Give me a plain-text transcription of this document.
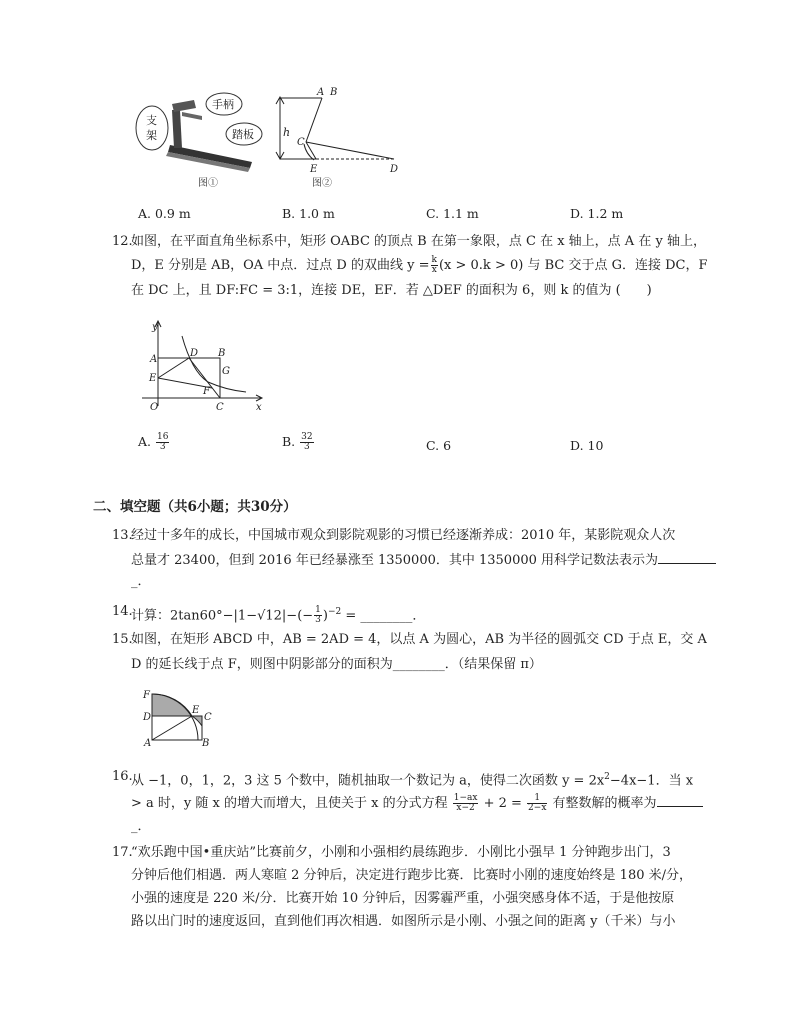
支
架
手柄
踏板
图①
h
A B
C
E	D
图②
A. 0.9 m	B. 1.0 m	C. 1.1 m	D. 1.2 m
12.
如图，在平面直角坐标系中，矩形 OABC 的顶点 B 在第一象限，点 C 在 x 轴上，点 A 在 y 轴上，
D，E 分别是 AB，OA 中点．过点 D 的双曲线 $y = \frac{k}{x} (x > 0.k > 0)$ 与 BC 交于点 G．连接 DC，F
在 DC 上，且 DF:FC = 3:1，连接 DE，EF．若 △DEF 的面积为 6，则 k 的值为 (　　)
y
x
O
A
D B
E
G
F
C
A. $\frac{16}{3}$	B. $\frac{32}{3}$	C. 6	D. 10
二、填空题（共6小题；共30分）
13.
经过十多年的成长，中国城市观众到影院观影的习惯已经逐渐养成：2010 年，某影院观众人次
总量才 23400，但到 2016 年已经暴涨至 1350000．其中 1350000 用科学记数法表示为
_．
14.
计算：$2\tan 60^\circ-|1-√12|-(- \frac{1}{3} )^{-2}$ = ________．
15.
如图，在矩形 ABCD 中，AB = 2AD = 4，以点 A 为圆心，AB 为半径的圆弧交 CD 于点 E，交 A
D 的延长线于点 F，则图中阴影部分的面积为________．（结果保留 π）
F
D
E
C
A	B
16.
从 −1，0，1，2，3 这 5 个数中，随机抽取一个数记为 a，使得二次函数 $y = 2x^2-4x-1$．当 x
> a 时，y 随 x 的增大而增大，且使关于 x 的分式方程 $\frac{1-ax}{x-2} + 2 = \frac{1}{2-x}$ 有整数解的概率为
_．
17.
“欢乐跑中国•重庆站”比赛前夕，小刚和小强相约晨练跑步．小刚比小强早 1 分钟跑步出门，3
分钟后他们相遇．两人寒暄 2 分钟后，决定进行跑步比赛．比赛时小刚的速度始终是 180 米/分，
小强的速度是 220 米/分．比赛开始 10 分钟后，因雾霾严重，小强突感身体不适，于是他按原
路以出门时的速度返回，直到他们再次相遇．如图所示是小刚、小强之间的距离 y（千米）与小
